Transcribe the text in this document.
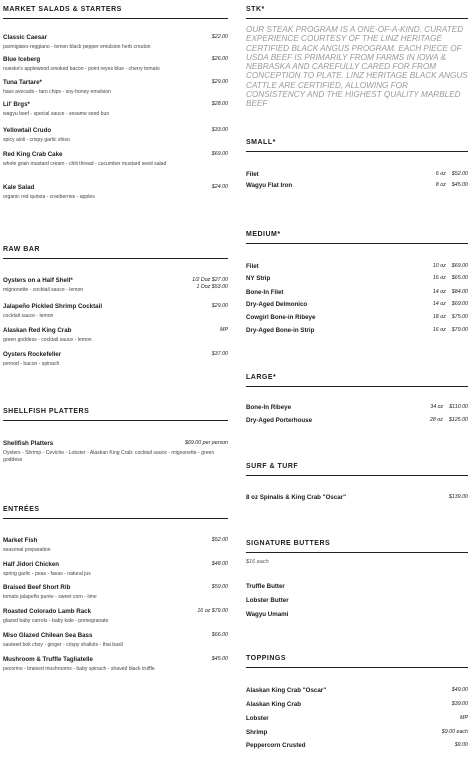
MARKET SALADS & STARTERS
Classic Caesar	$22.00
parmigiano-reggiano - lemon black pepper emulsion herb crouton
Blue Iceberg	$26.00
nueske's applewood smoked bacon - point reyes blue - cherry tomato
Tuna Tartare*	$29.00
hass avocado - taro chips - soy-honey emulsion
Lil' Brgs*	$28.00
wagyu beef - special sauce - sesame seed bun
Yellowtail Crudo	$33.00
spicy aioli - crispy garlic shiso
Red King Crab Cake	$69.00
whole grain mustard cream - chili thread - cucumber mustard seed salad
Kale Salad	$24.00
organic red quinoa - cranberries - apples
RAW BAR
Oysters on a Half Shell*	1/2 Doz $27.00
1 Doz $53.00
mignonette - cocktail sauce - lemon
Jalapeño Pickled Shrimp Cocktail	$29.00
cocktail sauce - lemon
Alaskan Red King Crab	MP
green goddess - cocktail sauce - lemon
Oysters Rockefeller	$37.00
pernod - bacon - spinach
SHELLFISH PLATTERS
Shellfish Platters	$69.00 per person
Oysters - Shrimp - Ceviche - Lobster - Alaskan King Crab: cocktail sauce - mignonette - green goddess
ENTRÉES
Market Fish	$52.00
seasonal preparation
Half Jidori Chicken	$48.00
spring garlic - peas - favas - natural jus
Braised Beef Short Rib	$59.00
tomato jalapeño purée - sweet corn - lime
Roasted Colorado Lamb Rack	16 oz $79.00
glazed baby carrots - baby kale - pomegranate
Miso Glazed Chilean Sea Bass	$66.00
sauteed bok choy - ginger - crispy shallots - thai basil
Mushroom & Truffle Tagliatelle	$45.00
pecorino - braised mushrooms - baby spinach - shaved black truffle
STK*
OUR STEAK PROGRAM IS A ONE-OF-A-KIND, CURATED EXPERIENCE COURTESY OF THE LINZ HERITAGE CERTIFIED BLACK ANGUS PROGRAM. EACH PIECE OF USDA BEEF IS PRIMARILY FROM FARMS IN IOWA & NEBRASKA AND CAREFULLY CARED FOR FROM CONCEPTION TO PLATE. LINZ HERITAGE BLACK ANGUS CATTLE ARE CERTIFIED, ALLOWING FOR CONSISTENCY AND THE HIGHEST QUALITY MARBLED BEEF
SMALL*
Filet	6 oz $52.00
Wagyu Flat Iron	8 oz $45.00
MEDIUM*
Filet	10 oz $69.00
NY Strip	16 oz $65.00
Bone-In Filet	14 oz $84.00
Dry-Aged Delmonico	14 oz $69.00
Cowgirl Bone-in Ribeye	18 oz $75.00
Dry-Aged Bone-in Strip	16 oz $79.00
LARGE*
Bone-In Ribeye	34 oz $110.00
Dry-Aged Porterhouse	28 oz $125.00
SURF & TURF
8 oz Spinalis & King Crab "Oscar"	$139.00
SIGNATURE BUTTERS
$16 each
Truffle Butter
Lobster Butter
Wagyu Umami
TOPPINGS
Alaskan King Crab "Oscar"	$49.00
Alaskan King Crab	$39.00
Lobster	MP
Shrimp	$9.00 each
Peppercorn Crusted	$9.00
